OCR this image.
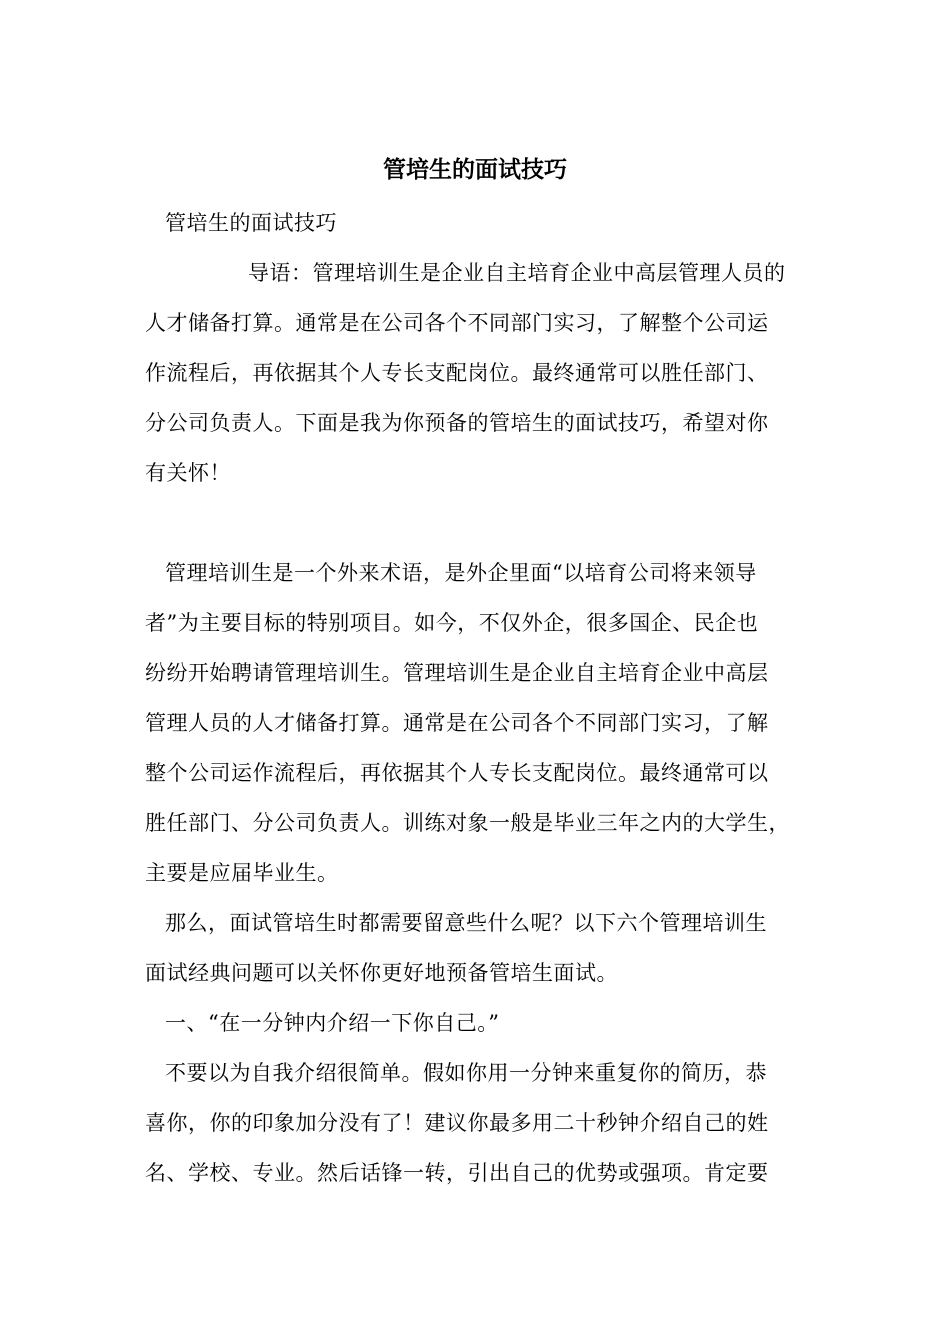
管培生的面试技巧
管培生的面试技巧
导语：管理培训生是企业自主培育企业中高层管理人员的
人才储备打算。通常是在公司各个不同部门实习，了解整个公司运
作流程后，再依据其个人专长支配岗位。最终通常可以胜任部门、
分公司负责人。下面是我为你预备的管培生的面试技巧，希望对你
有关怀！
管理培训生是一个外来术语，是外企里面“以培育公司将来领导
者”为主要目标的特别项目。如今，不仅外企，很多国企、民企也
纷纷开始聘请管理培训生。管理培训生是企业自主培育企业中高层
管理人员的人才储备打算。通常是在公司各个不同部门实习，了解
整个公司运作流程后，再依据其个人专长支配岗位。最终通常可以
胜任部门、分公司负责人。训练对象一般是毕业三年之内的大学生，
主要是应届毕业生。
那么，面试管培生时都需要留意些什么呢？以下六个管理培训生
面试经典问题可以关怀你更好地预备管培生面试。
一、“在一分钟内介绍一下你自己。”
不要以为自我介绍很简单。假如你用一分钟来重复你的简历，恭
喜你，你的印象加分没有了！建议你最多用二十秒钟介绍自己的姓
名、学校、专业。然后话锋一转，引出自己的优势或强项。肯定要
